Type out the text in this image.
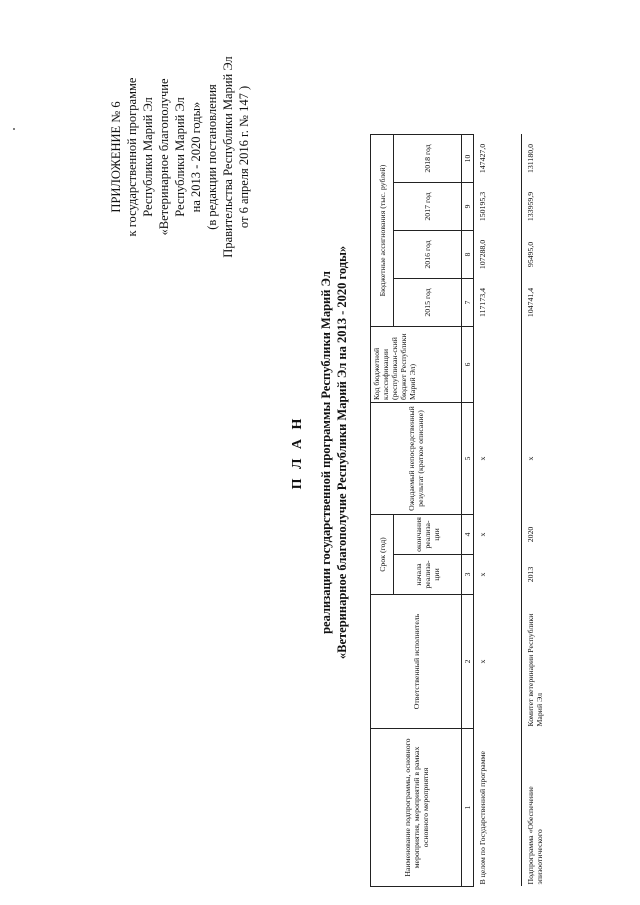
ПРИЛОЖЕНИЕ № 6 к государственной программе Республики Марий Эл «Ветеринарное благополучие Республики Марий Эл на 2013 - 2020 годы» (в редакции постановления Правительства Республики Марий Эл от 6 апреля 2016 г. № 147 )
П Л А Н реализации государственной программы Республики Марий Эл «Ветеринарное благополучие Республики Марий Эл на 2013 - 2020 годы»
Наименование подпрограммы, основного мероприятия, мероприятий в рамках основного мероприятия	Ответственный исполнитель	Срок (год)		Ожидаемый непосредственный результат (краткое описание)	Код бюджетной классификации (республикан-ский бюджет Республики Марий Эл)	Бюджетные ассигнования (тыс. рублей)			
		начала реализа-ции	окончания реализа-ции			2015 год	2016 год	2017 год	2018 год
1	2	3	4	5	6	7	8	9	10
В целом по Государственной программе	х	х	х	х		117173,4	107288,0	150195,3	147427,0
Подпрограмма «Обеспечение эпизоотического	Комитет ветеринарии Республики Марий Эл	2013	2020	х		104741,4	95495,0	133959,9	131180,0
